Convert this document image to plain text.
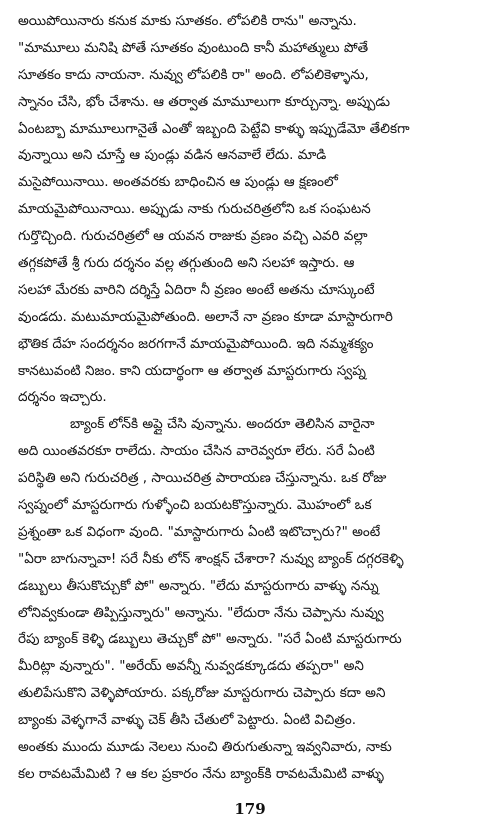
అయిపోయినారు కనుక మాకు సూతకం. లోపలికి రాను" అన్నాను.
"మామూలు మనిషి పోతే సూతకం వుంటుంది కానీ మహాత్ములు పోతే
సూతకం కాదు నాయనా. నువ్వు లోపలికి రా" అంది. లోపలికెళ్ళాను,
స్నానం చేసి, భోం చేశాను. ఆ తర్వాత మామూలుగా కూర్చున్నా. అప్పుడు
ఏంటబ్బా మామూలుగానైతే ఎంతో ఇబ్బంది పెట్టేవి కాళ్ళు ఇప్పుడేమో తేలికగా
వున్నాయి అని చూస్తే ఆ పుండ్లు వడిన ఆనవాలే లేదు. మాడి
మసైపోయినాయి. అంతవరకు బాధించిన ఆ పుండ్లు ఆ క్షణంలో
మాయమైపోయినాయి. అప్పుడు నాకు గురుచరిత్రలోని ఒక సంఘటన
గుర్తొచ్చింది. గురుచరిత్రలో ఆ యవన రాజుకు వ్రణం వచ్చి ఎవరి వల్లా
తగ్గకపోతే శ్రీ గురు దర్శనం వల్ల తగ్గుతుంది అని సలహా ఇస్తారు. ఆ
సలహా మేరకు వారిని దర్శిస్తే ఏదిరా నీ వ్రణం అంటే అతను చూస్కుంటే
వుండదు. మటుమాయమైపోతుంది. అలానే నా వ్రణం కూడా మాస్టారుగారి
భౌతిక దేహ సందర్శనం జరగగానే మాయమైపోయింది. ఇది నమ్మశక్యం
కానటువంటి నిజం. కాని యదార్థంగా ఆ తర్వాత మాస్టరుగారు స్వప్న
దర్శనం ఇచ్చారు.
బ్యాంక్ లోన్‌కి అప్లై చేసి వున్నాను. అందరూ తెలిసిన వారైనా
అది యింతవరకూ రాలేదు. సాయం చేసిన వారెవ్వరూ లేరు. సరే ఏంటి
పరిస్థితి అని గురుచరిత్ర , సాయిచరిత్ర పారాయణ చేస్తున్నాను. ఒక రోజు
స్వప్నంలో మాస్టరుగారు గుళ్ళోంచి బయటకొస్తున్నారు. మొహంలో ఒక
ప్రశ్నంతా ఒక విధంగా వుంది. "మాస్టారుగారు ఏంటి ఇటొచ్చారు?" అంటే
"ఏరా బాగున్నావా! సరే నీకు లోన్ శాంక్షన్ చేశారా? నువ్వు బ్యాంక్ దగ్గరకెళ్ళి
డబ్బులు తీసుకొచ్చుకో పో" అన్నారు. "లేదు మాస్టరుగారు వాళ్ళు నన్ను
లోనివ్వకుండా తిప్పిస్తున్నారు" అన్నాను. "లేదురా నేను చెప్పాను నువ్వు
రేపు బ్యాంక్ కెళ్ళి డబ్బులు తెచ్చుకో పో" అన్నారు. "సరే ఏంటి మాస్టరుగారు
మీరిట్లా వున్నారు". "అరేయ్ అవన్నీ నువ్వడక్కూడదు తప్పరా" అని
తులిపేసుకొని వెళ్ళిపోయారు. పక్కరోజు మాస్టరుగారు చెప్పారు కదా అని
బ్యాంకు వెళ్ళగానే వాళ్ళు చెక్ తీసి చేతులో పెట్టారు. ఏంటి విచిత్రం.
అంతకు ముందు మూడు నెలలు నుంచి తిరుగుతున్నా ఇవ్వనివారు, నాకు
కల రావటమేమిటి ? ఆ కల ప్రకారం నేను బ్యాంక్‌కి రావటమేమిటి వాళ్ళు
179
